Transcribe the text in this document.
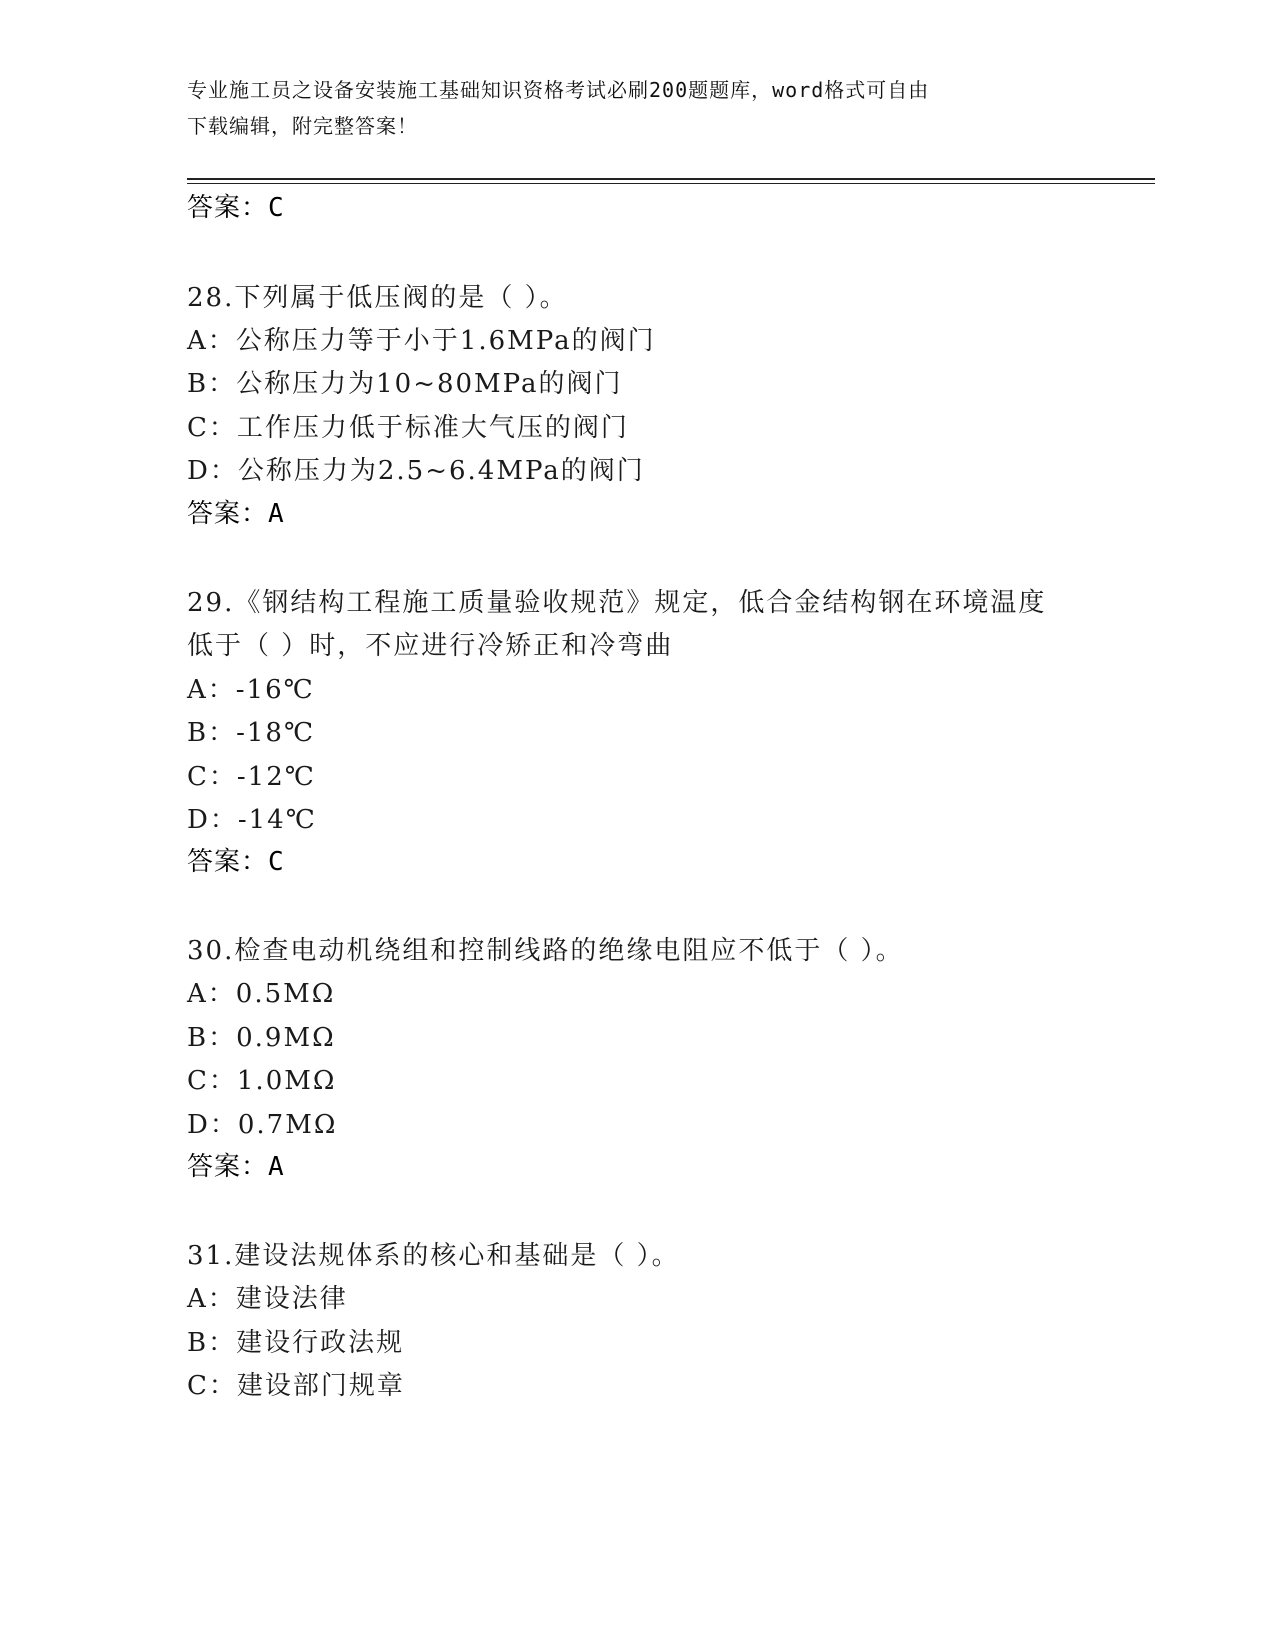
专业施工员之设备安装施工基础知识资格考试必刷200题题库，word格式可自由
下载编辑，附完整答案！
答案：C
28.下列属于低压阀的是（ ）。
A：公称压力等于小于1.6MPa的阀门
B：公称压力为10~80MPa的阀门
C：工作压力低于标准大气压的阀门
D：公称压力为2.5~6.4MPa的阀门
答案：A
29.《钢结构工程施工质量验收规范》规定，低合金结构钢在环境温度
低于（ ）时，不应进行冷矫正和冷弯曲
A：-16℃
B：-18℃
C：-12℃
D：-14℃
答案：C
30.检查电动机绕组和控制线路的绝缘电阻应不低于（ ）。
A：0.5MΩ
B：0.9MΩ
C：1.0MΩ
D：0.7MΩ
答案：A
31.建设法规体系的核心和基础是（ ）。
A：建设法律
B：建设行政法规
C：建设部门规章
